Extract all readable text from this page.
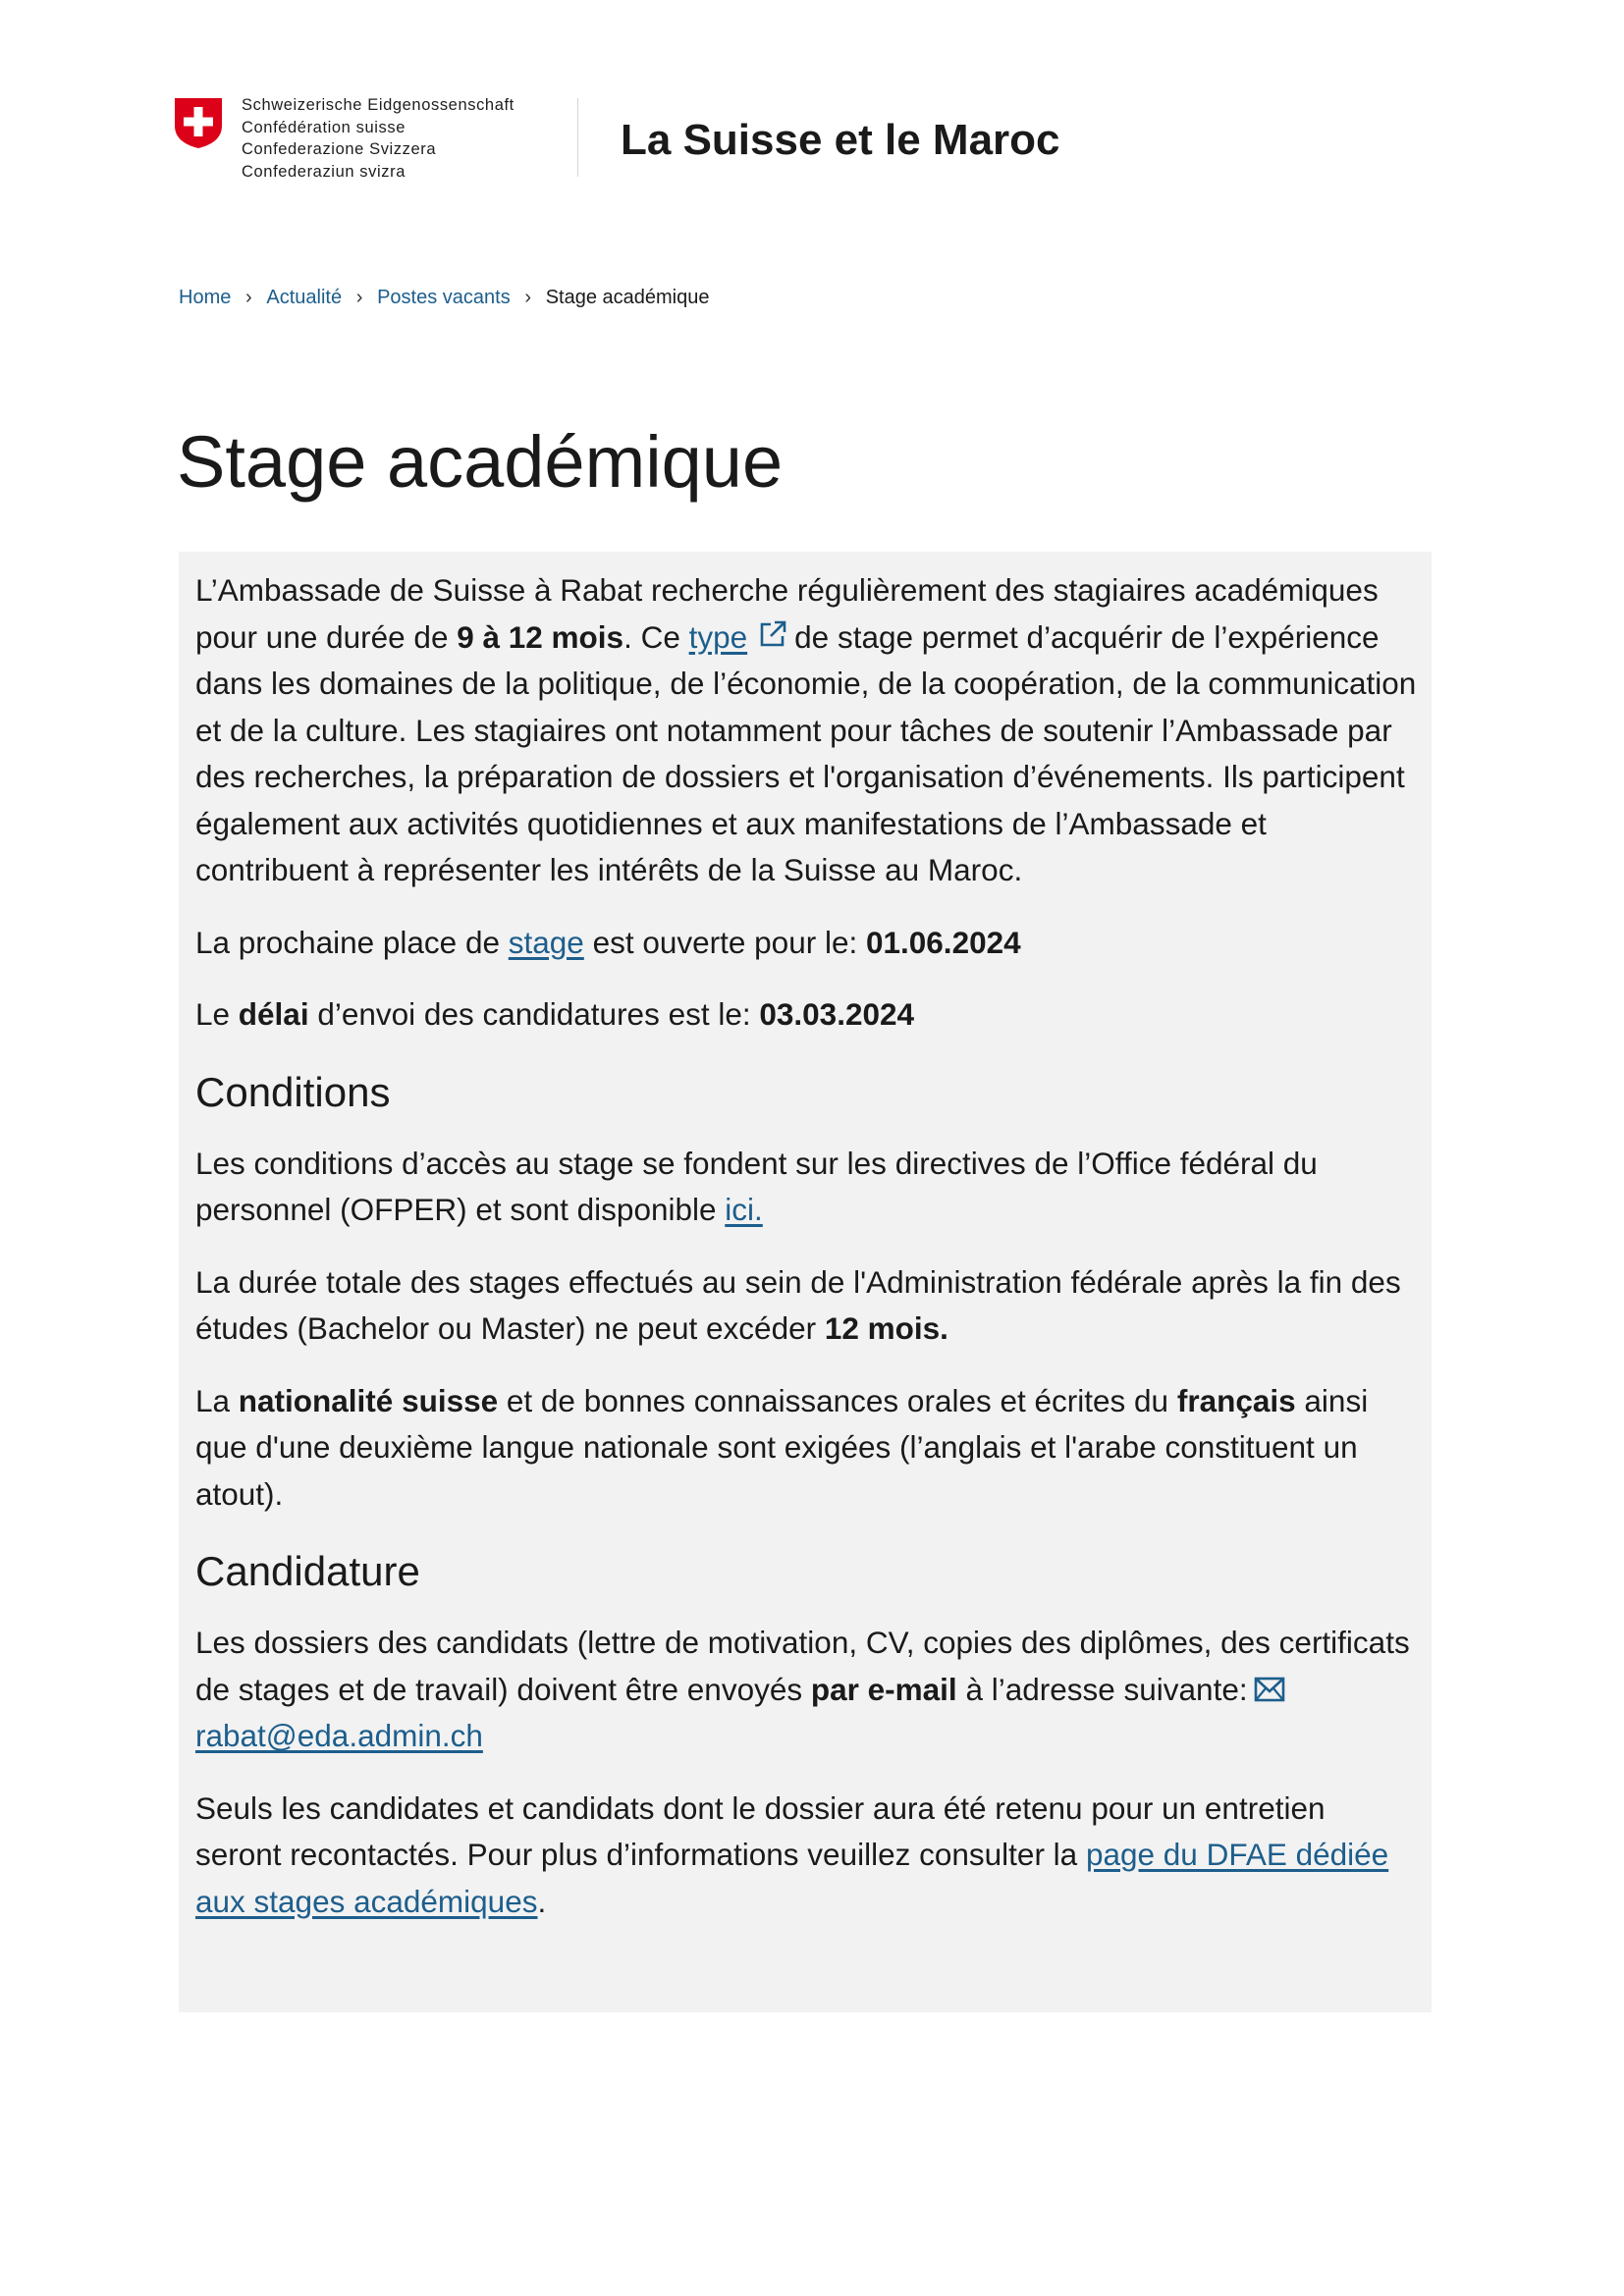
Schweizerische Eidgenossenschaft
Confédération suisse
Confederazione Svizzera
Confederaziun svizra
La Suisse et le Maroc
Home › Actualité › Postes vacants › Stage académique
Stage académique

L’Ambassade de Suisse à Rabat recherche régulièrement des stagiaires académiques pour une durée de 9 à 12 mois. Ce type de stage permet d’acquérir de l’expérience dans les domaines de la politique, de l’économie, de la coopération, de la communication et de la culture. Les stagiaires ont notamment pour tâches de soutenir l’Ambassade par des recherches, la préparation de dossiers et l'organisation d’événements. Ils participent également aux activités quotidiennes et aux manifestations de l’Ambassade et contribuent à représenter les intérêts de la Suisse au Maroc.

La prochaine place de stage est ouverte pour le: 01.06.2024

Le délai d’envoi des candidatures est le: 03.03.2024

Conditions

Les conditions d’accès au stage se fondent sur les directives de l’Office fédéral du personnel (OFPER) et sont disponible ici.

La durée totale des stages effectués au sein de l'Administration fédérale après la fin des études (Bachelor ou Master) ne peut excéder 12 mois.

La nationalité suisse et de bonnes connaissances orales et écrites du français ainsi que d'une deuxième langue nationale sont exigées (l’anglais et l'arabe constituent un atout).

Candidature

Les dossiers des candidats (lettre de motivation, CV, copies des diplômes, des certificats de stages et de travail) doivent être envoyés par e-mail à l’adresse suivante:rabat@eda.admin.ch

Seuls les candidates et candidats dont le dossier aura été retenu pour un entretien seront recontactés. Pour plus d’informations veuillez consulter la page du DFAE dédiée aux stages académiques.
